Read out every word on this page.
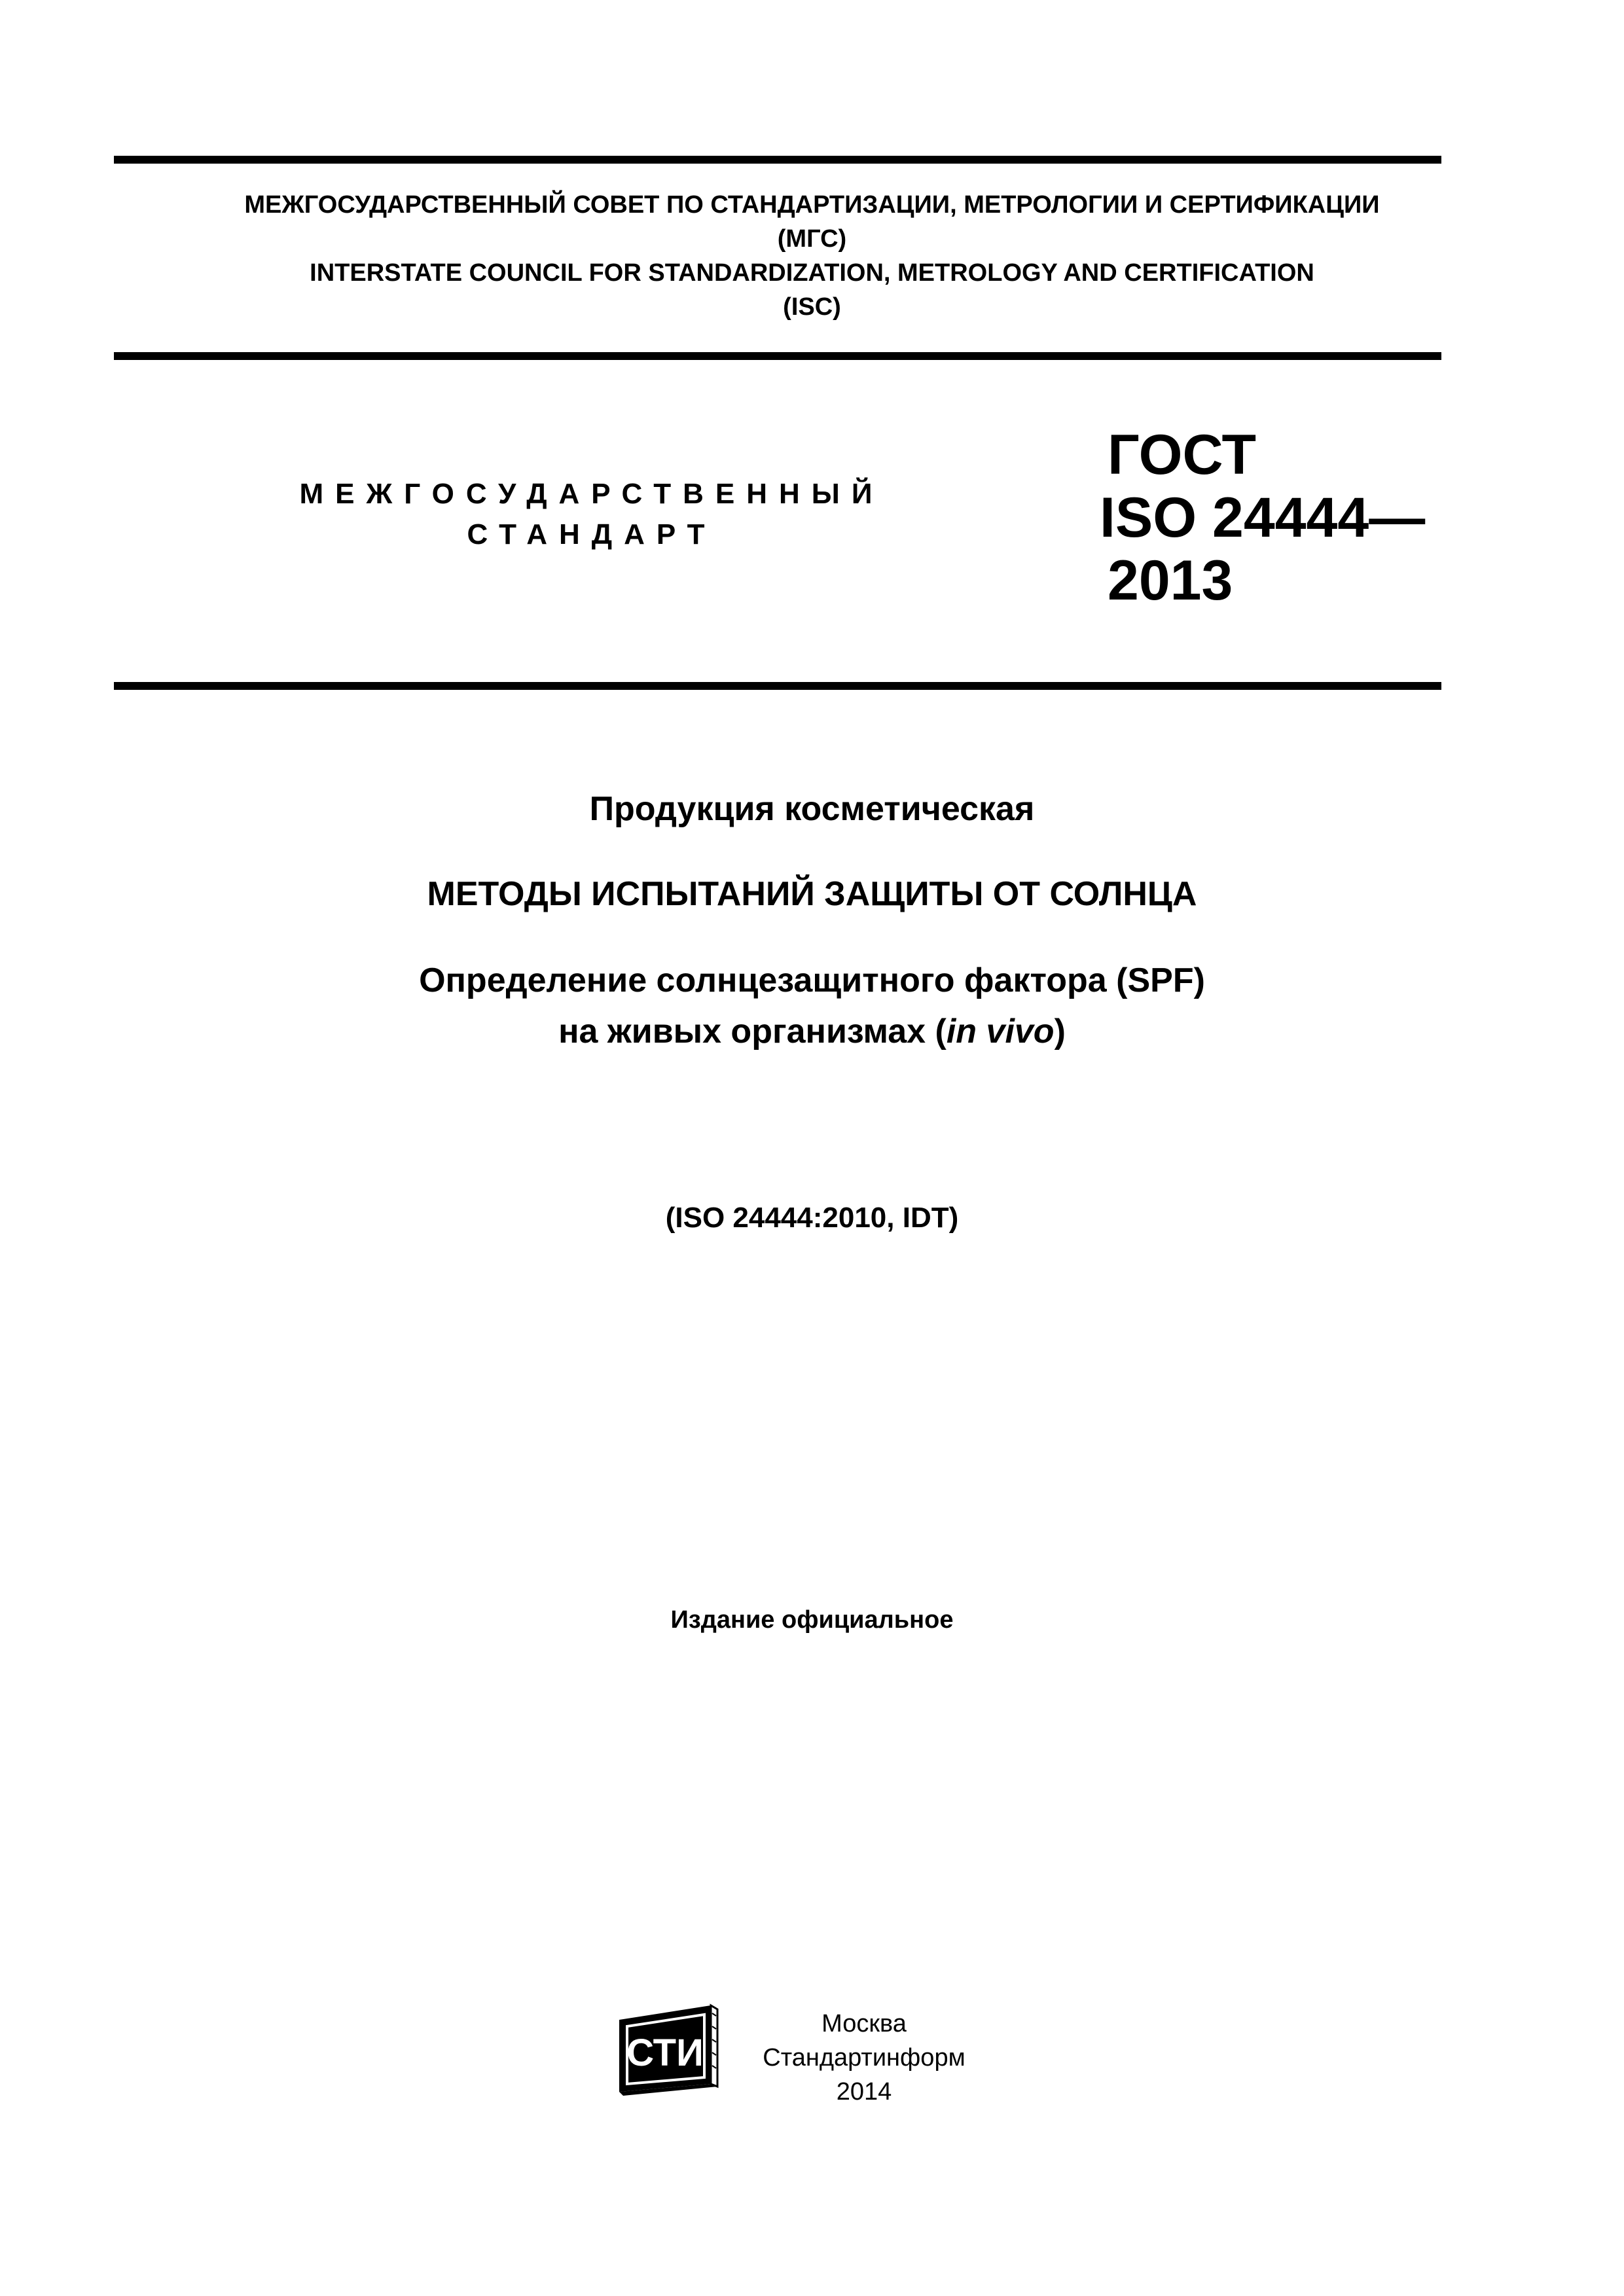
МЕЖГОСУДАРСТВЕННЫЙ СОВЕТ ПО СТАНДАРТИЗАЦИИ, МЕТРОЛОГИИ И СЕРТИФИКАЦИИ
(МГС)
INTERSTATE COUNCIL FOR STANDARDIZATION, METROLOGY AND CERTIFICATION
(ISC)
МЕЖГОСУДАРСТВЕННЫЙ
СТАНДАРТ
ГОСТ
ISO 24444—
2013
Продукция косметическая
МЕТОДЫ ИСПЫТАНИЙ ЗАЩИТЫ ОТ СОЛНЦА
Определение солнцезащитного фактора (SPF)
на живых организмах (in vivo)
(ISO 24444:2010, IDT)
Издание официальное
СТИ
Москва
Стандартинформ
2014
